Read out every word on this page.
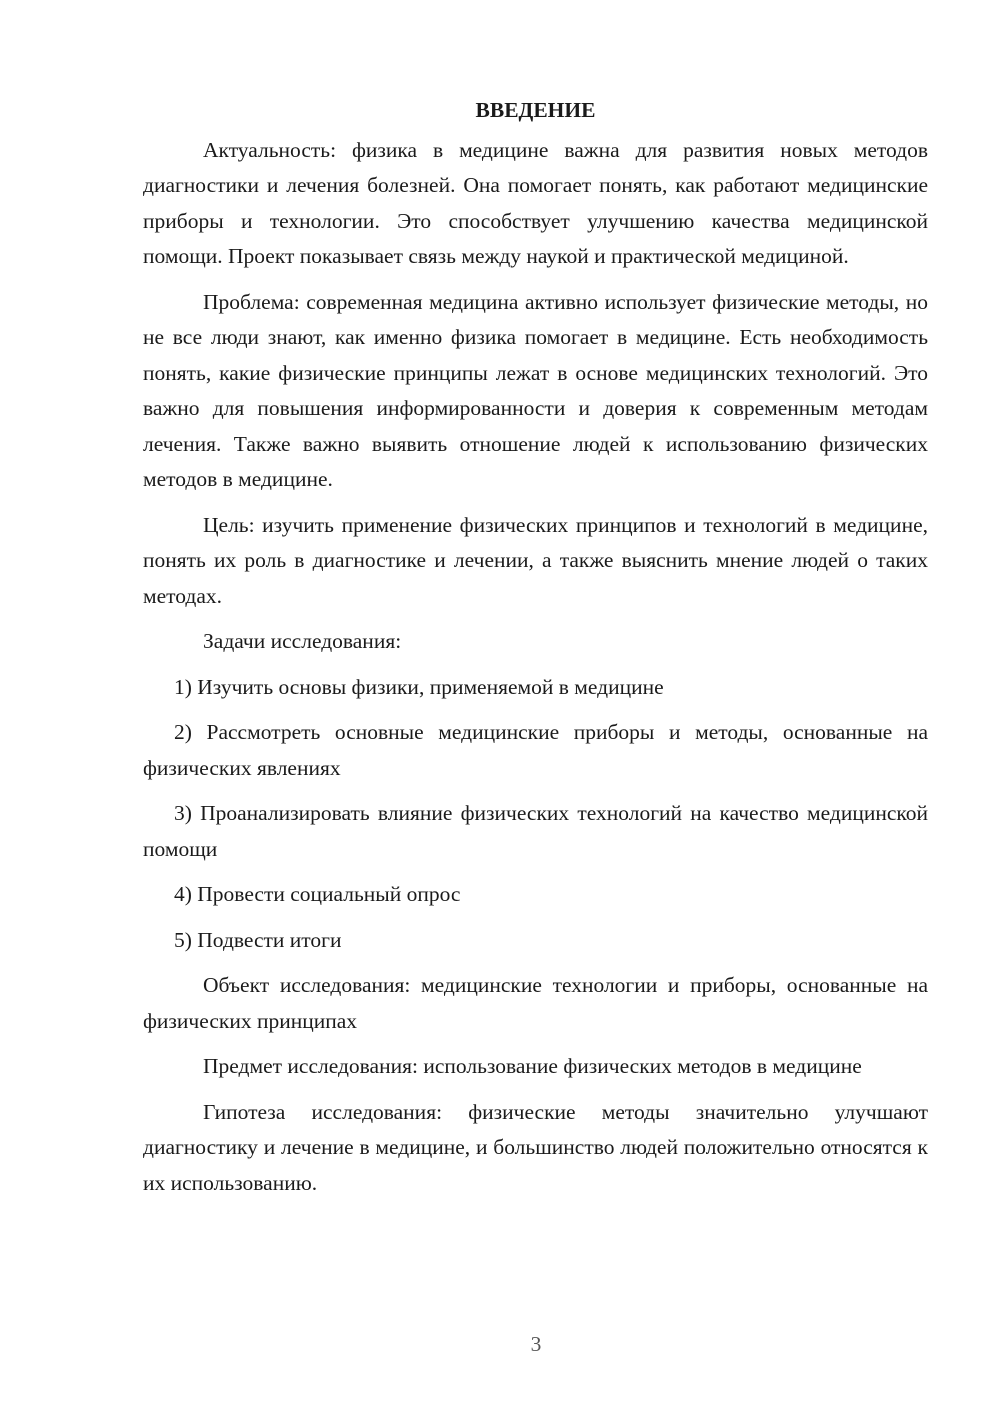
ВВЕДЕНИЕ

Актуальность: физика в медицине важна для развития новых методов диагностики и лечения болезней. Она помогает понять, как работают медицинские приборы и технологии. Это способствует улучшению качества медицинской помощи. Проект показывает связь между наукой и практической медициной.

Проблема: современная медицина активно использует физические методы, но не все люди знают, как именно физика помогает в медицине. Есть необходимость понять, какие физические принципы лежат в основе медицинских технологий. Это важно для повышения информированности и доверия к современным методам лечения. Также важно выявить отношение людей к использованию физических методов в медицине.

Цель: изучить применение физических принципов и технологий в медицине, понять их роль в диагностике и лечении, а также выяснить мнение людей о таких методах.

Задачи исследования:

1) Изучить основы физики, применяемой в медицине

2) Рассмотреть основные медицинские приборы и методы, основанные на физических явлениях

3) Проанализировать влияние физических технологий на качество медицинской помощи

4) Провести социальный опрос

5) Подвести итоги

Объект исследования: медицинские технологии и приборы, основанные на физических принципах

Предмет исследования: использование физических методов в медицине

Гипотеза исследования: физические методы значительно улучшают диагностику и лечение в медицине, и большинство людей положительно относятся к их использованию.

3
